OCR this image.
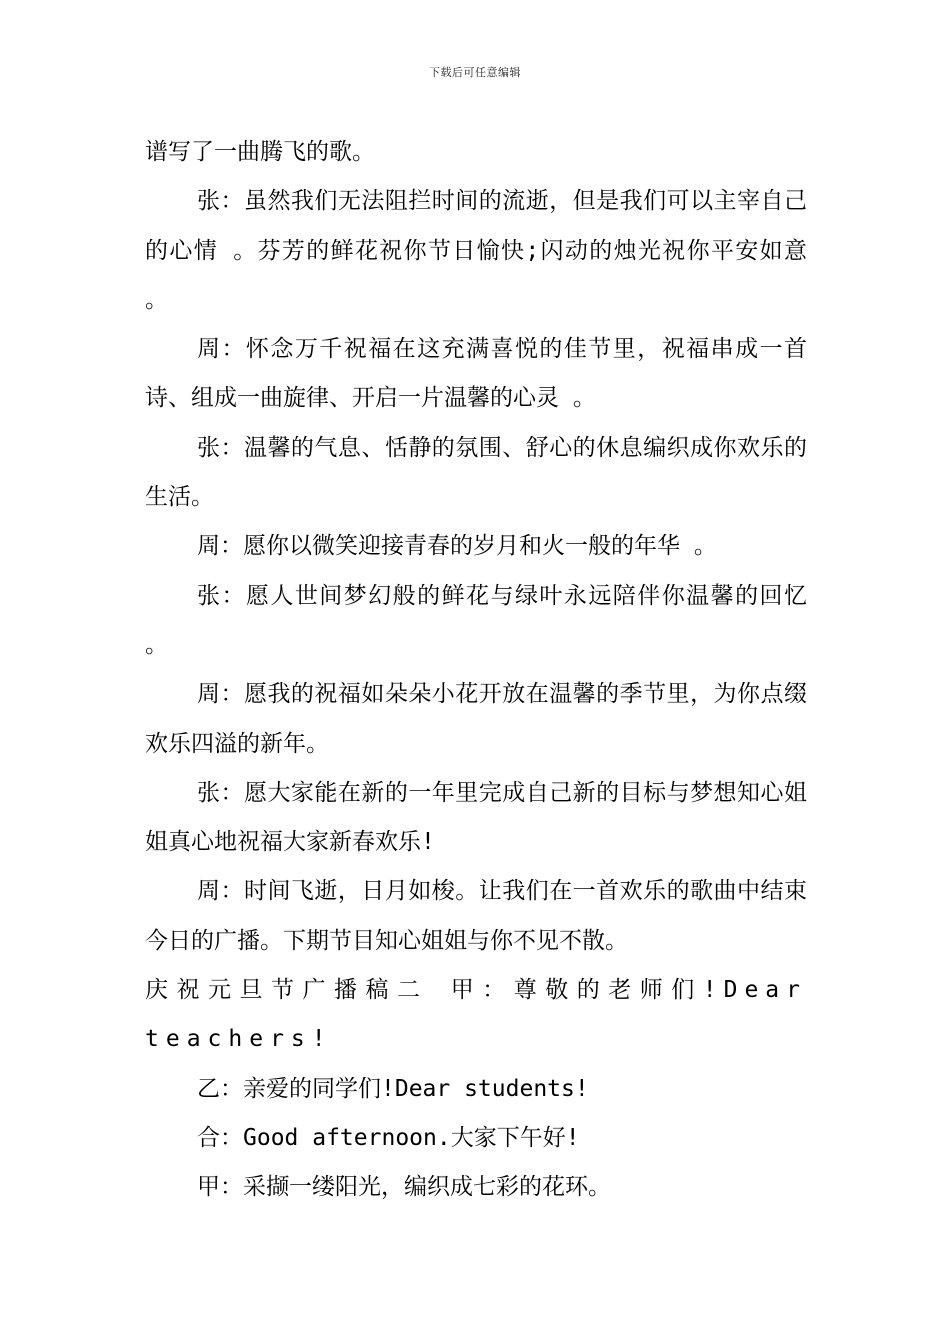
下载后可任意编辑

谱写了一曲腾飞的歌。

张：虽然我们无法阻拦时间的流逝，但是我们可以主宰自己的心情 。芬芳的鲜花祝你节日愉快;闪动的烛光祝你平安如意 。

周：怀念万千祝福在这充满喜悦的佳节里，祝福串成一首诗、组成一曲旋律、开启一片温馨的心灵 。

张：温馨的气息、恬静的氛围、舒心的休息编织成你欢乐的生活。

周：愿你以微笑迎接青春的岁月和火一般的年华 。

张：愿人世间梦幻般的鲜花与绿叶永远陪伴你温馨的回忆 。

周：愿我的祝福如朵朵小花开放在温馨的季节里，为你点缀欢乐四溢的新年。

张：愿大家能在新的一年里完成自己新的目标与梦想知心姐姐真心地祝福大家新春欢乐!

周：时间飞逝，日月如梭。让我们在一首欢乐的歌曲中结束今日的广播。下期节目知心姐姐与你不见不散。

庆祝元旦节广播稿二 甲：尊敬的老师们!Dear teachers!

乙：亲爱的同学们!Dear students!

合：Good afternoon.大家下午好!

甲：采撷一缕阳光，编织成七彩的花环。
